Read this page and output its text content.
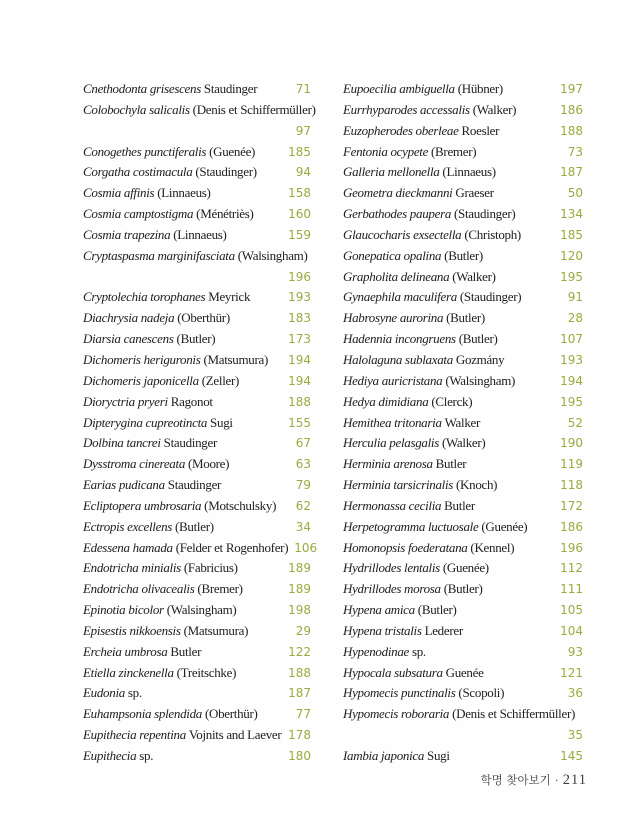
Cnethodonta grisescens Staudinger	71
Colobochyla salicalis (Denis et Schiffermüller)
97
Conogethes punctiferalis (Guenée)	185
Corgatha costimacula (Staudinger)	94
Cosmia affinis (Linnaeus)	158
Cosmia camptostigma (Ménétriès)	160
Cosmia trapezina (Linnaeus)	159
Cryptaspasma marginifasciata (Walsingham)
196
Cryptolechia torophanes Meyrick	193
Diachrysia nadeja (Oberthür)	183
Diarsia canescens (Butler)	173
Dichomeris heriguronis (Matsumura)	194
Dichomeris japonicella (Zeller)	194
Dioryctria pryeri Ragonot	188
Dipterygina cupreotincta Sugi	155
Dolbina tancrei Staudinger	67
Dysstroma cinereata (Moore)	63
Earias pudicana Staudinger	79
Ecliptopera umbrosaria (Motschulsky)	62
Ectropis excellens (Butler)	34
Edessena hamada (Felder et Rogenhofer) 106
Endotricha minialis (Fabricius)	189
Endotricha olivacealis (Bremer)	189
Epinotia bicolor (Walsingham)	198
Episestis nikkoensis (Matsumura)	29
Ercheia umbrosa Butler	122
Etiella zinckenella (Treitschke)	188
Eudonia sp.	187
Euhampsonia splendida (Oberthür)	77
Eupithecia repentina Vojnits and Laever 178
Eupithecia sp.	180
Eupoecilia ambiguella (Hübner)	197
Eurrhyparodes accessalis (Walker)	186
Euzopherodes oberleae Roesler	188
Fentonia ocypete (Bremer)	73
Galleria mellonella (Linnaeus)	187
Geometra dieckmanni Graeser	50
Gerbathodes paupera (Staudinger)	134
Glaucocharis exsectella (Christoph)	185
Gonepatica opalina (Butler)	120
Grapholita delineana (Walker)	195
Gynaephila maculifera (Staudinger)	91
Habrosyne aurorina (Butler)	28
Hadennia incongruens (Butler)	107
Halolaguna sublaxata Gozmány	193
Hediya auricristana (Walsingham)	194
Hedya dimidiana (Clerck)	195
Hemithea tritonaria Walker	52
Herculia pelasgalis (Walker)	190
Herminia arenosa Butler	119
Herminia tarsicrinalis (Knoch)	118
Hermonassa cecilia Butler	172
Herpetogramma luctuosale (Guenée)	186
Homonopsis foederatana (Kennel)	196
Hydrillodes lentalis (Guenée)	112
Hydrillodes morosa (Butler)	111
Hypena amica (Butler)	105
Hypena tristalis Lederer	104
Hypenodinae sp.	93
Hypocala subsatura Guenée	121
Hypomecis punctinalis (Scopoli)	36
Hypomecis roboraria (Denis et Schiffermüller)
35
Iambia japonica Sugi	145
학명 찾아보기 · 211
